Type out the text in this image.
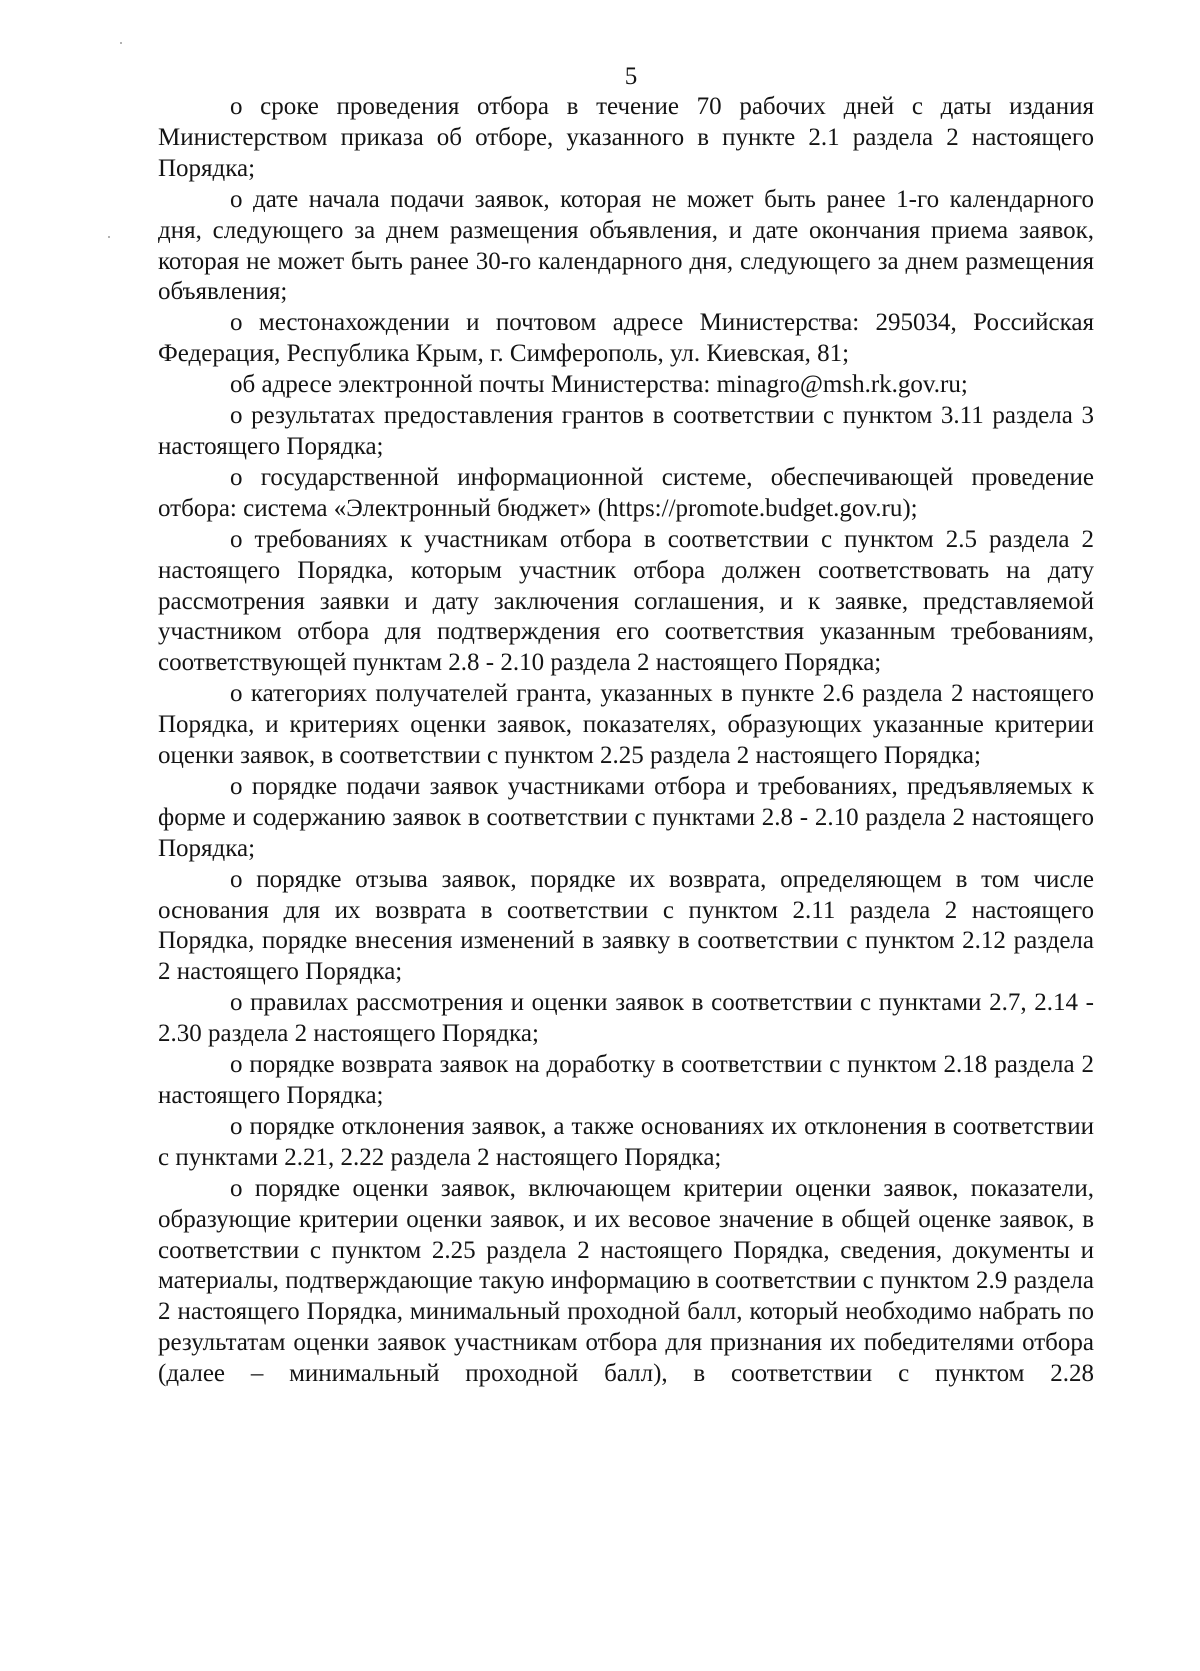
5

о сроке проведения отбора в течение 70 рабочих дней с даты издания Министерством приказа об отборе, указанного в пункте 2.1 раздела 2 настоящего Порядка;

о дате начала подачи заявок, которая не может быть ранее 1-го календарного дня, следующего за днем размещения объявления, и дате окончания приема заявок, которая не может быть ранее 30-го календарного дня, следующего за днем размещения объявления;

о местонахождении и почтовом адресе Министерства: 295034, Российская Федерация, Республика Крым, г. Симферополь, ул. Киевская, 81;

об адресе электронной почты Министерства: minagro@msh.rk.gov.ru;

о результатах предоставления грантов в соответствии с пунктом 3.11 раздела 3 настоящего Порядка;

о государственной информационной системе, обеспечивающей проведение отбора: система «Электронный бюджет» (https://promote.budget.gov.ru);

о требованиях к участникам отбора в соответствии с пунктом 2.5 раздела 2 настоящего Порядка, которым участник отбора должен соответствовать на дату рассмотрения заявки и дату заключения соглашения, и к заявке, представляемой участником отбора для подтверждения его соответствия указанным требованиям, соответствующей пунктам 2.8 - 2.10 раздела 2 настоящего Порядка;

о категориях получателей гранта, указанных в пункте 2.6 раздела 2 настоящего Порядка, и критериях оценки заявок, показателях, образующих указанные критерии оценки заявок, в соответствии с пунктом 2.25 раздела 2 настоящего Порядка;

о порядке подачи заявок участниками отбора и требованиях, предъявляемых к форме и содержанию заявок в соответствии с пунктами 2.8 - 2.10 раздела 2 настоящего Порядка;

о порядке отзыва заявок, порядке их возврата, определяющем в том числе основания для их возврата в соответствии с пунктом 2.11 раздела 2 настоящего Порядка, порядке внесения изменений в заявку в соответствии с пунктом 2.12 раздела 2 настоящего Порядка;

о правилах рассмотрения и оценки заявок в соответствии с пунктами 2.7, 2.14 - 2.30 раздела 2 настоящего Порядка;

о порядке возврата заявок на доработку в соответствии с пунктом 2.18 раздела 2 настоящего Порядка;

о порядке отклонения заявок, а также основаниях их отклонения в соответствии с пунктами 2.21, 2.22 раздела 2 настоящего Порядка;

о порядке оценки заявок, включающем критерии оценки заявок, показатели, образующие критерии оценки заявок, и их весовое значение в общей оценке заявок, в соответствии с пунктом 2.25 раздела 2 настоящего Порядка, сведения, документы и материалы, подтверждающие такую информацию в соответствии с пунктом 2.9 раздела 2 настоящего Порядка, минимальный проходной балл, который необходимо набрать по результатам оценки заявок участникам отбора для признания их победителями отбора (далее – минимальный проходной балл), в соответствии с пунктом 2.28
